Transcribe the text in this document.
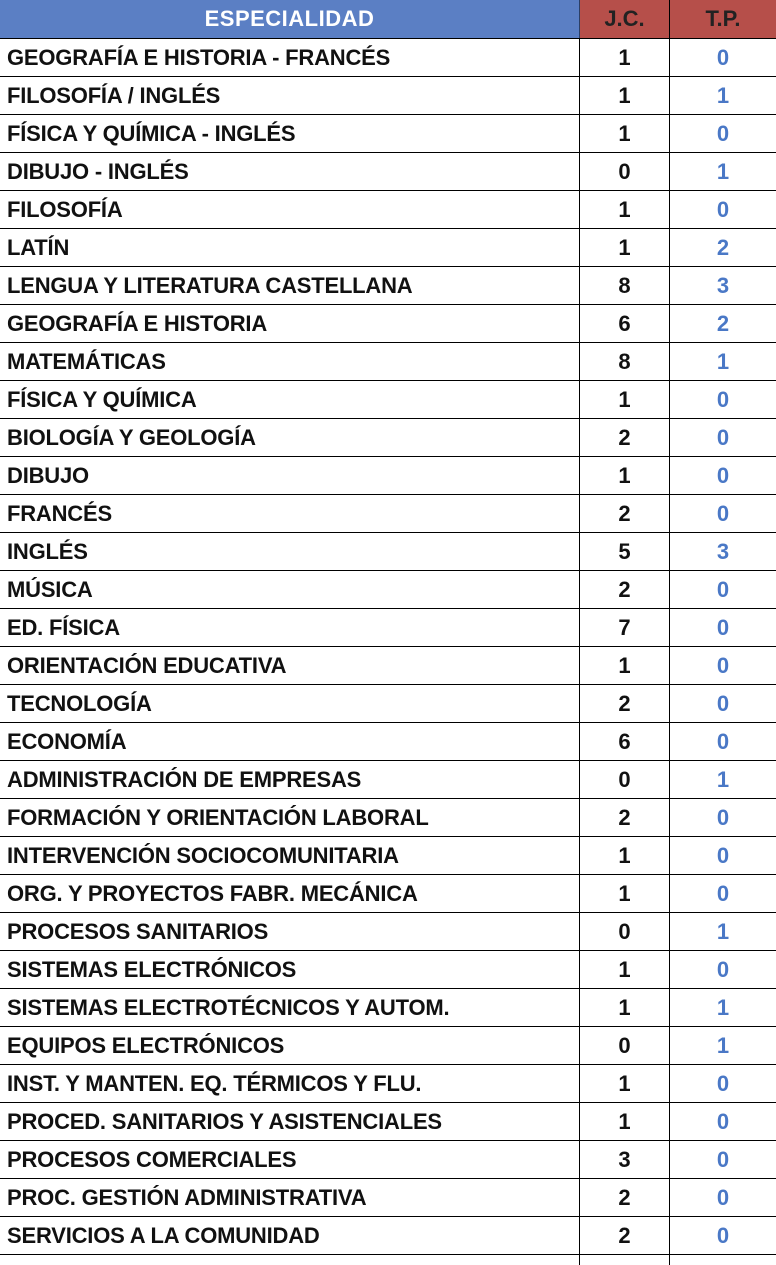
ESPECIALIDAD	J.C.	T.P.
GEOGRAFÍA E HISTORIA - FRANCÉS	1	0
FILOSOFÍA / INGLÉS	1	1
FÍSICA Y QUÍMICA - INGLÉS	1	0
DIBUJO - INGLÉS	0	1
FILOSOFÍA	1	0
LATÍN	1	2
LENGUA Y LITERATURA CASTELLANA	8	3
GEOGRAFÍA E HISTORIA	6	2
MATEMÁTICAS	8	1
FÍSICA Y QUÍMICA	1	0
BIOLOGÍA Y GEOLOGÍA	2	0
DIBUJO	1	0
FRANCÉS	2	0
INGLÉS	5	3
MÚSICA	2	0
ED. FÍSICA	7	0
ORIENTACIÓN EDUCATIVA	1	0
TECNOLOGÍA	2	0
ECONOMÍA	6	0
ADMINISTRACIÓN DE EMPRESAS	0	1
FORMACIÓN Y ORIENTACIÓN LABORAL	2	0
INTERVENCIÓN SOCIOCOMUNITARIA	1	0
ORG. Y PROYECTOS FABR. MECÁNICA	1	0
PROCESOS SANITARIOS	0	1
SISTEMAS ELECTRÓNICOS	1	0
SISTEMAS ELECTROTÉCNICOS Y AUTOM.	1	1
EQUIPOS ELECTRÓNICOS	0	1
INST. Y MANTEN. EQ. TÉRMICOS Y FLU.	1	0
PROCED. SANITARIOS Y ASISTENCIALES	1	0
PROCESOS COMERCIALES	3	0
PROC. GESTIÓN ADMINISTRATIVA	2	0
SERVICIOS A LA COMUNIDAD	2	0
